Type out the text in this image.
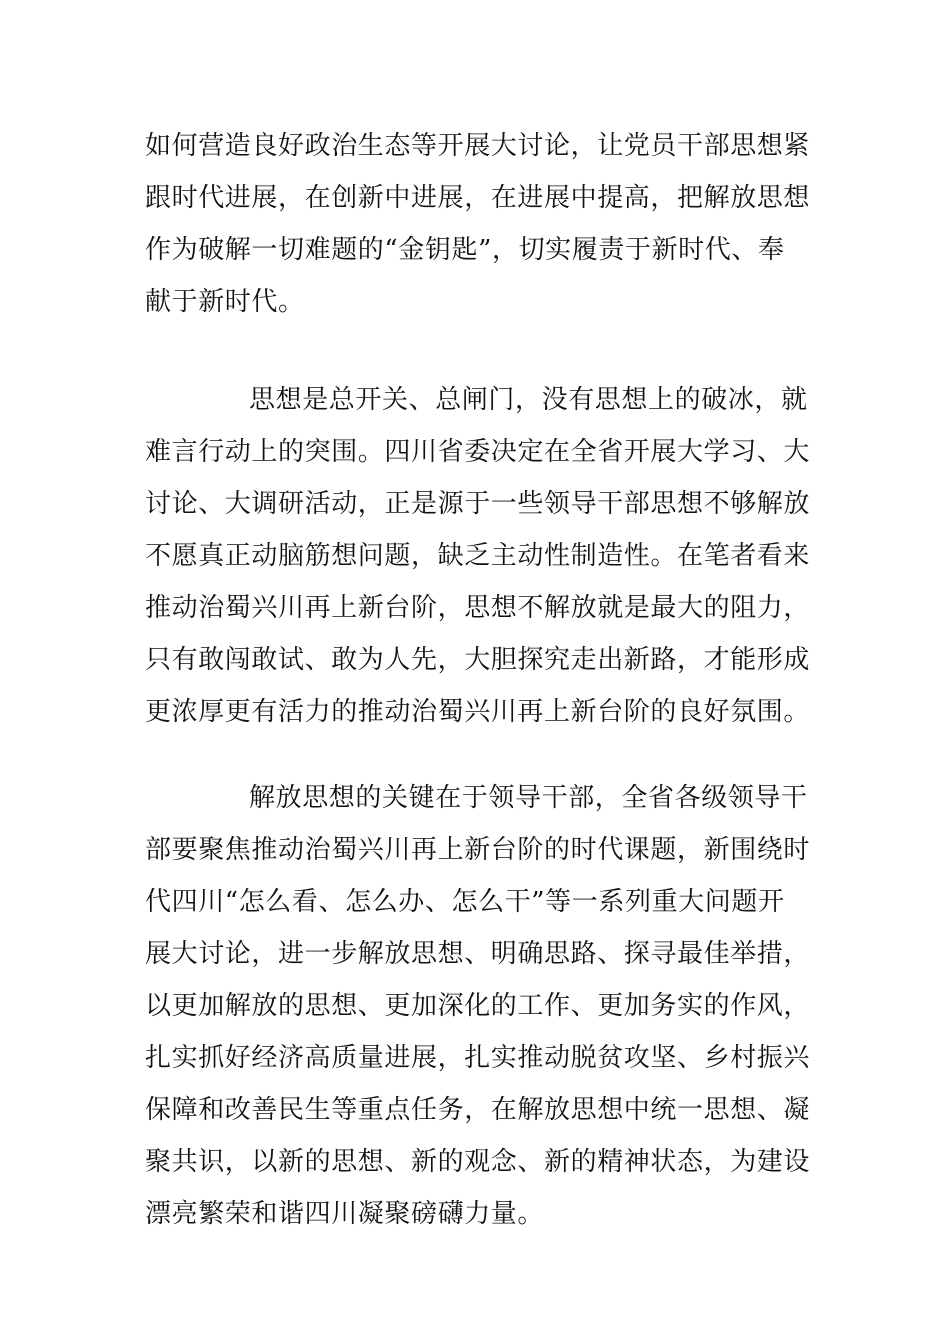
如何营造良好政治生态等开展大讨论，让党员干部思想紧
跟时代进展，在创新中进展，在进展中提高，把解放思想
作为破解一切难题的“金钥匙”，切实履责于新时代、奉
献于新时代。
思想是总开关、总闸门，没有思想上的破冰，就
难言行动上的突围。四川省委决定在全省开展大学习、大
讨论、大调研活动，正是源于一些领导干部思想不够解放
不愿真正动脑筋想问题，缺乏主动性制造性。在笔者看来
推动治蜀兴川再上新台阶，思想不解放就是最大的阻力，
只有敢闯敢试、敢为人先，大胆探究走出新路，才能形成
更浓厚更有活力的推动治蜀兴川再上新台阶的良好氛围。
解放思想的关键在于领导干部，全省各级领导干
部要聚焦推动治蜀兴川再上新台阶的时代课题，新围绕时
代四川“怎么看、怎么办、怎么干”等一系列重大问题开
展大讨论，进一步解放思想、明确思路、探寻最佳举措，
以更加解放的思想、更加深化的工作、更加务实的作风，
扎实抓好经济高质量进展，扎实推动脱贫攻坚、乡村振兴
保障和改善民生等重点任务，在解放思想中统一思想、凝
聚共识，以新的思想、新的观念、新的精神状态，为建设
漂亮繁荣和谐四川凝聚磅礴力量。
